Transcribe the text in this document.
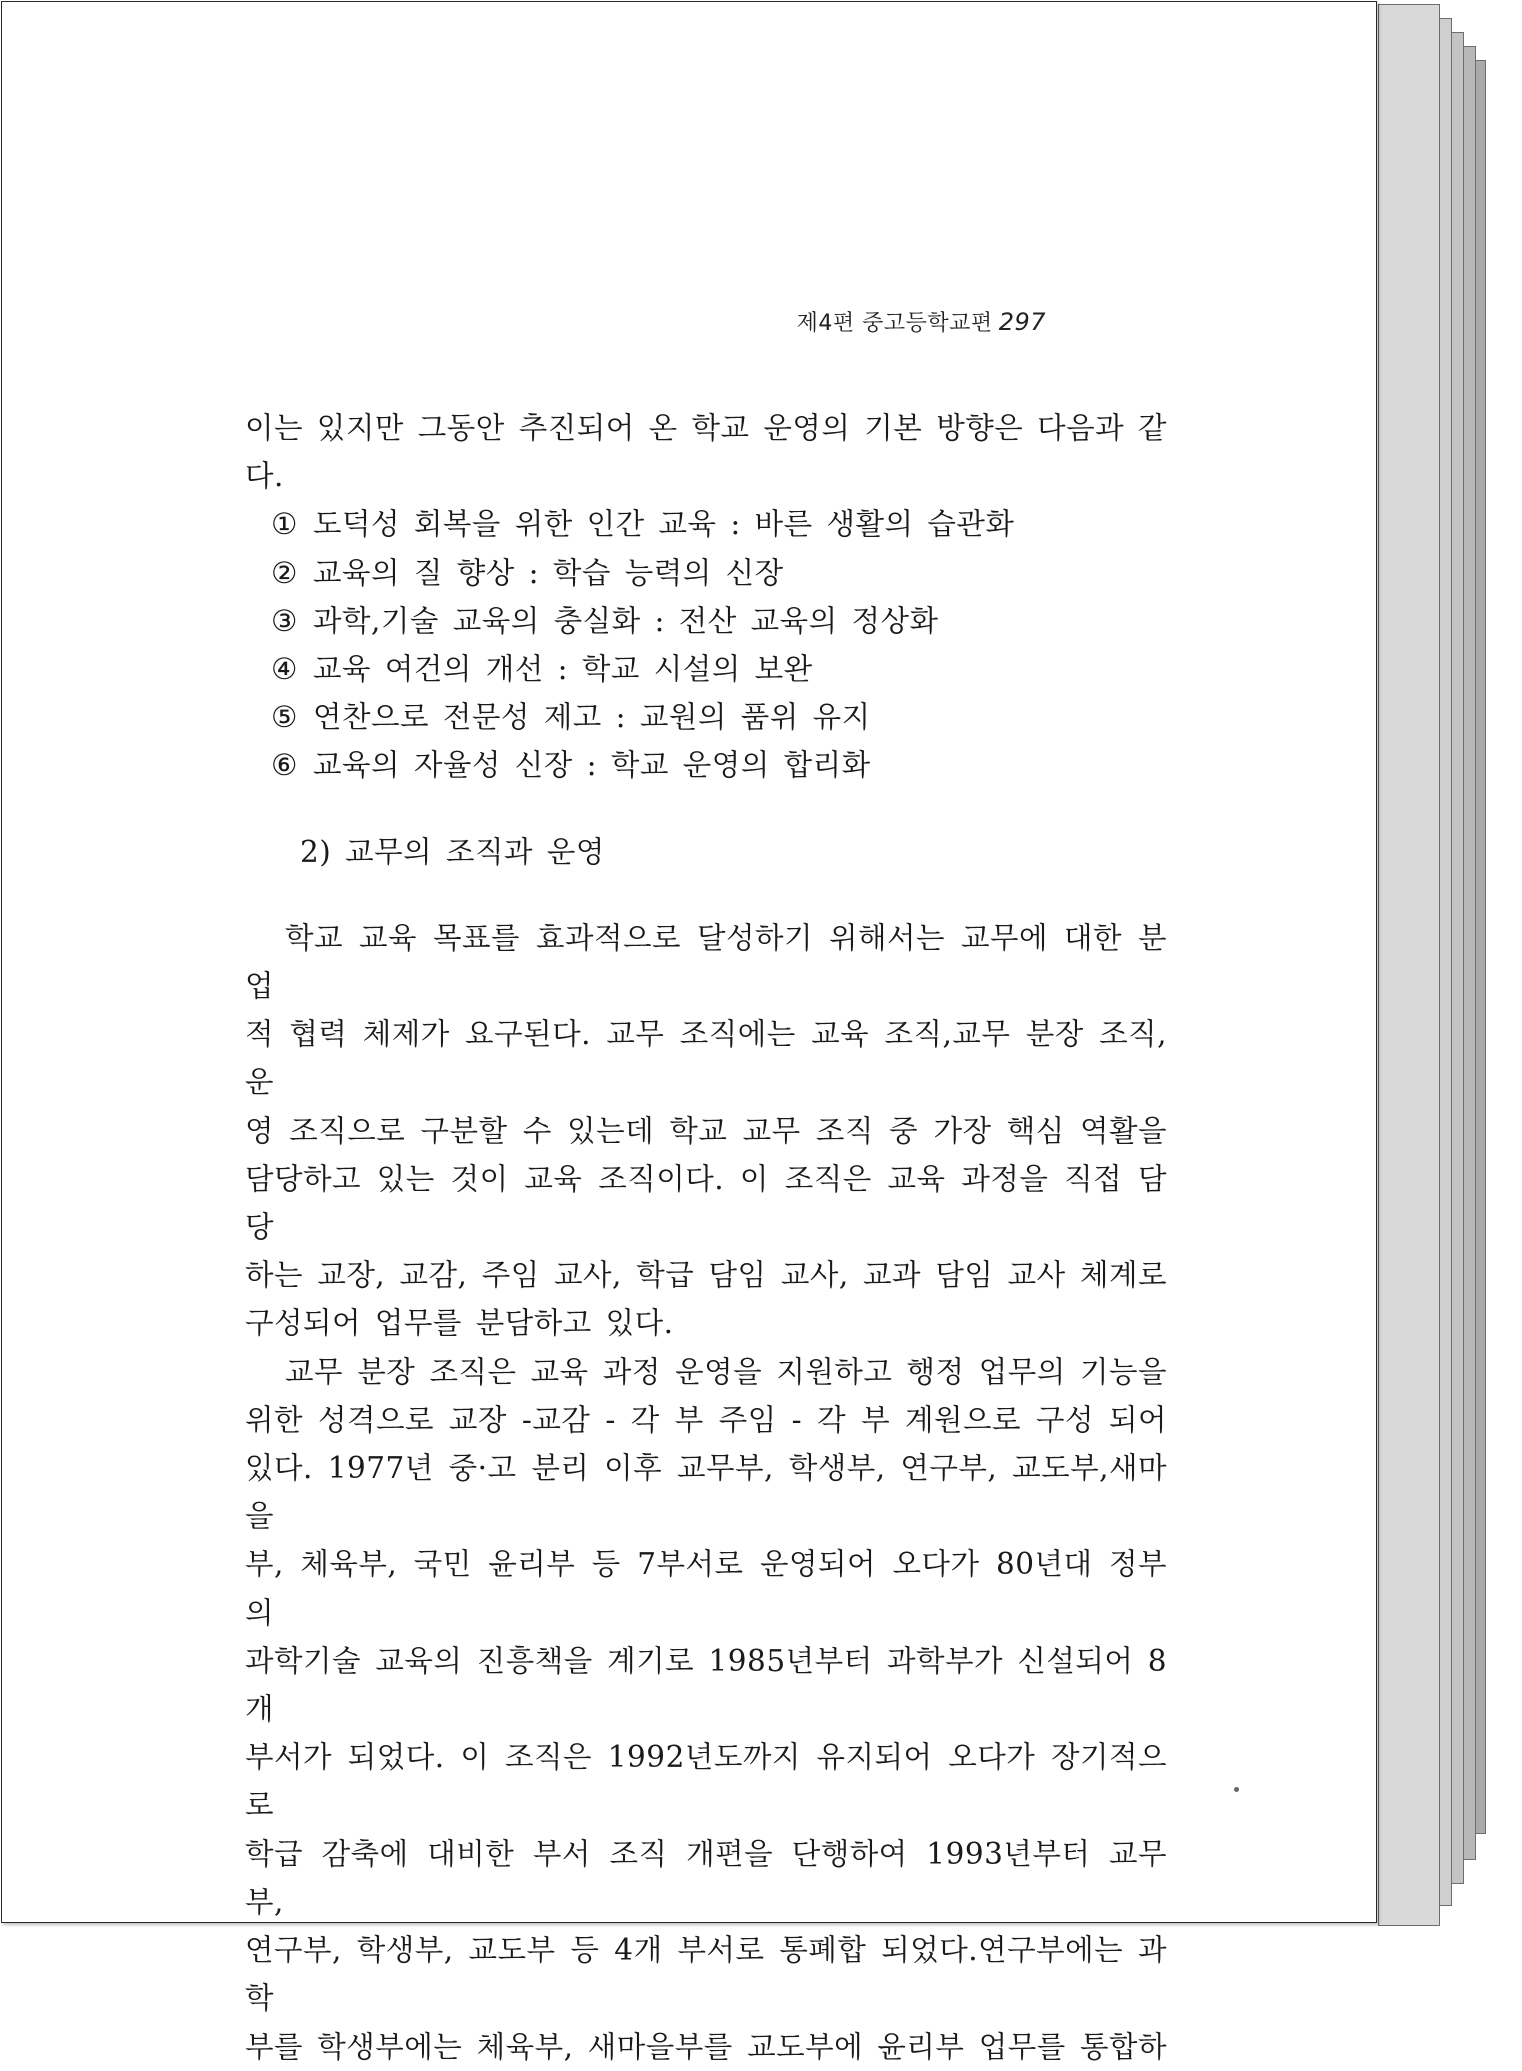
제4편 중고등학교편 297

이는 있지만 그동안 추진되어 온 학교 운영의 기본 방향은 다음과 같
다.

① 도덕성 회복을 위한 인간 교육 : 바른 생활의 습관화
② 교육의 질 향상 : 학습 능력의 신장
③ 과학,기술 교육의 충실화 : 전산 교육의 정상화
④ 교육 여건의 개선 : 학교 시설의 보완
⑤ 연찬으로 전문성 제고 : 교원의 품위 유지
⑥ 교육의 자율성 신장 : 학교 운영의 합리화
2) 교무의 조직과 운영

학교 교육 목표를 효과적으로 달성하기 위해서는 교무에 대한 분업
적 협력 체제가 요구된다. 교무 조직에는 교육 조직,교무 분장 조직,운
영 조직으로 구분할 수 있는데 학교 교무 조직 중 가장 핵심 역활을
담당하고 있는 것이 교육 조직이다. 이 조직은 교육 과정을 직접 담당
하는 교장, 교감, 주임 교사, 학급 담임 교사, 교과 담임 교사 체계로
구성되어 업무를 분담하고 있다.

교무 분장 조직은 교육 과정 운영을 지원하고 행정 업무의 기능을
위한 성격으로 교장 -교감 - 각 부 주임 - 각 부 계원으로 구성 되어
있다. 1977년 중·고 분리 이후 교무부, 학생부, 연구부, 교도부,새마을
부, 체육부, 국민 윤리부 등 7부서로 운영되어 오다가 80년대 정부의
과학기술 교육의 진흥책을 계기로 1985년부터 과학부가 신설되어 8개
부서가 되었다. 이 조직은 1992년도까지 유지되어 오다가 장기적으로
학급 감축에 대비한 부서 조직 개편을 단행하여 1993년부터 교무부,
연구부, 학생부, 교도부 등 4개 부서로 통폐합 되었다.연구부에는 과학
부를 학생부에는 체육부, 새마을부를 교도부에 윤리부 업무를 통합하
